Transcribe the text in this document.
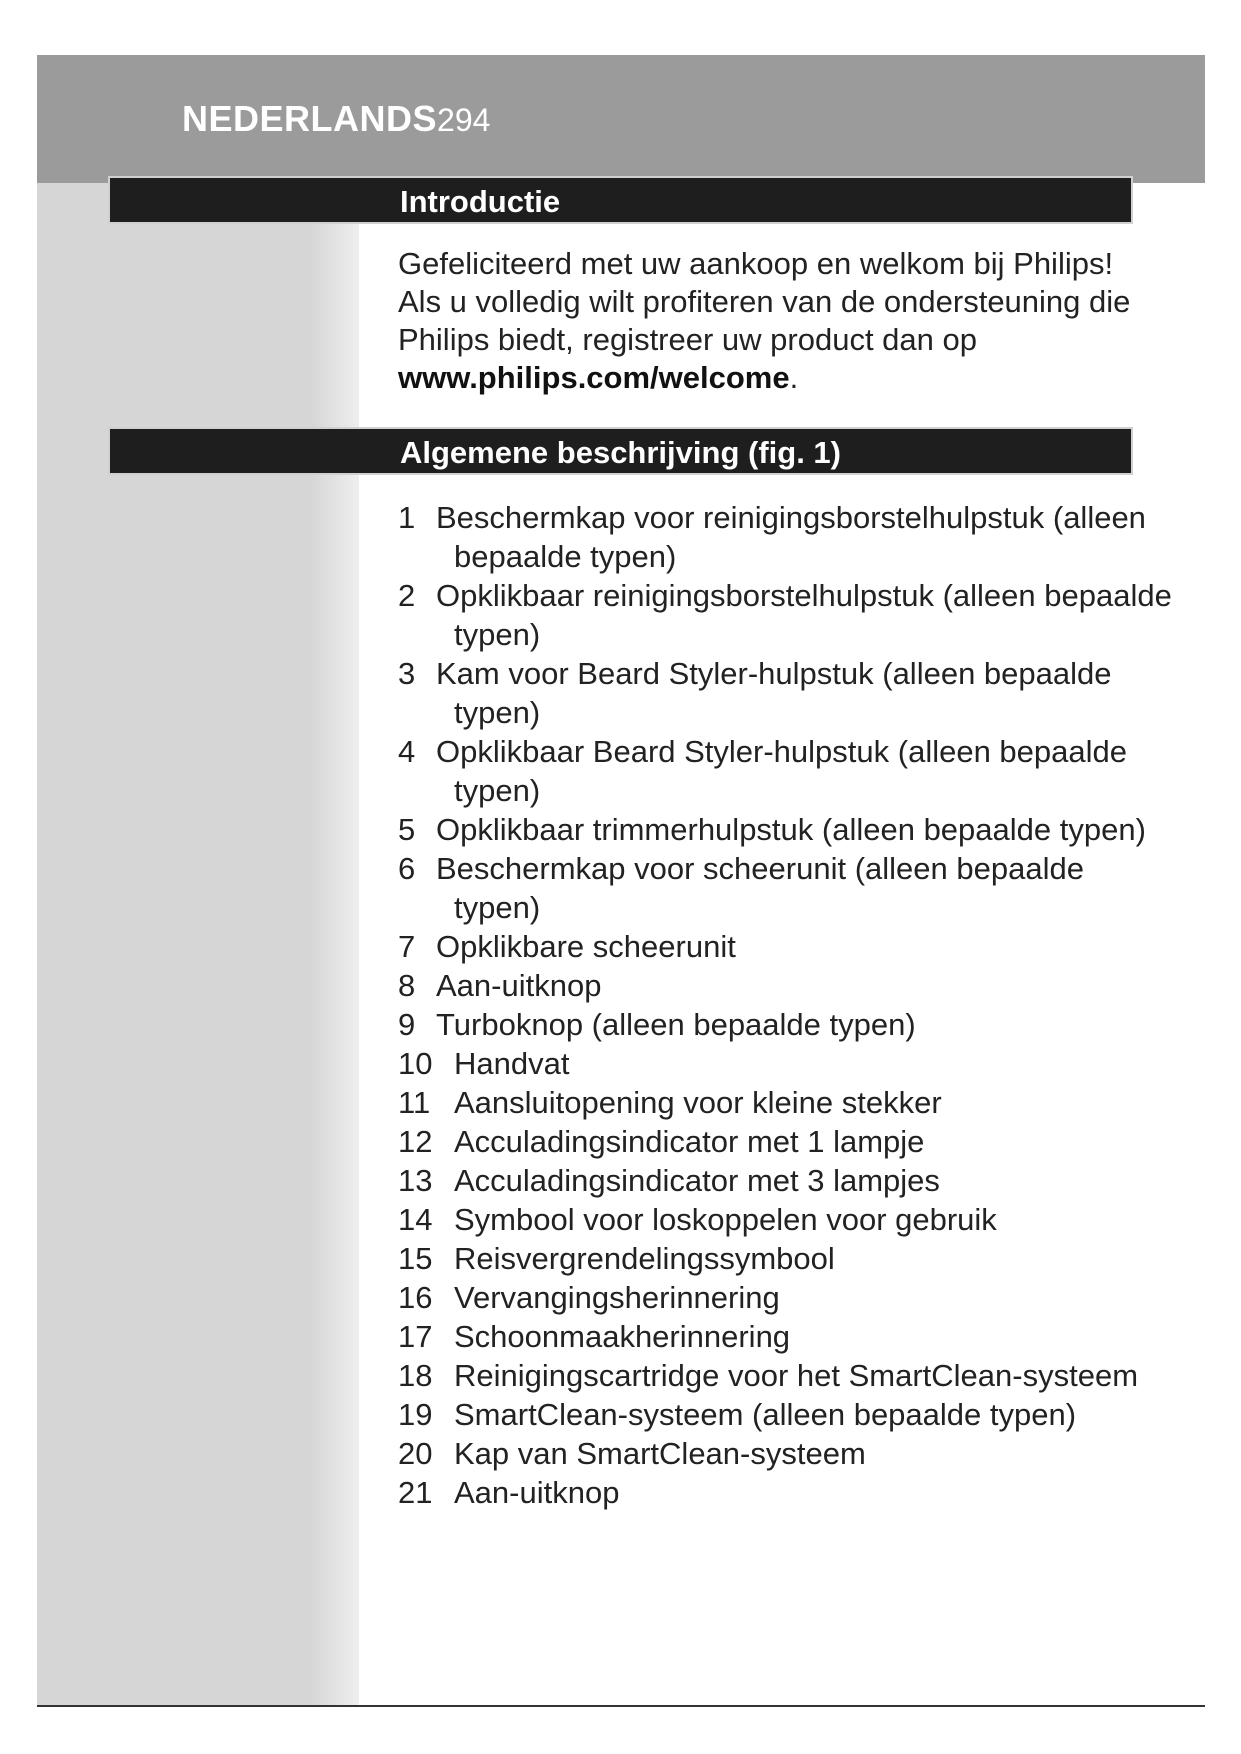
NEDERLANDS294
Introductie
Gefeliciteerd met uw aankoop en welkom bij Philips! Als u volledig wilt profiteren van de ondersteuning die Philips biedt, registreer uw product dan op
www.philips.com/welcome.
Algemene beschrijving (fig. 1)
1 Beschermkap voor reinigingsborstelhulpstuk (alleen bepaalde typen)
2 Opklikbaar reinigingsborstelhulpstuk (alleen bepaalde typen)
3 Kam voor Beard Styler-hulpstuk (alleen bepaalde typen)
4 Opklikbaar Beard Styler-hulpstuk (alleen bepaalde typen)
5 Opklikbaar trimmerhulpstuk (alleen bepaalde typen)
6 Beschermkap voor scheerunit (alleen bepaalde typen)
7 Opklikbare scheerunit
8 Aan-uitknop
9 Turboknop (alleen bepaalde typen)
10 Handvat
11 Aansluitopening voor kleine stekker
12 Acculadingsindicator met 1 lampje
13 Acculadingsindicator met 3 lampjes
14 Symbool voor loskoppelen voor gebruik
15 Reisvergrendelingssymbool
16 Vervangingsherinnering
17 Schoonmaakherinnering
18 Reinigingscartridge voor het SmartClean-systeem
19 SmartClean-systeem (alleen bepaalde typen)
20 Kap van SmartClean-systeem
21 Aan-uitknop
